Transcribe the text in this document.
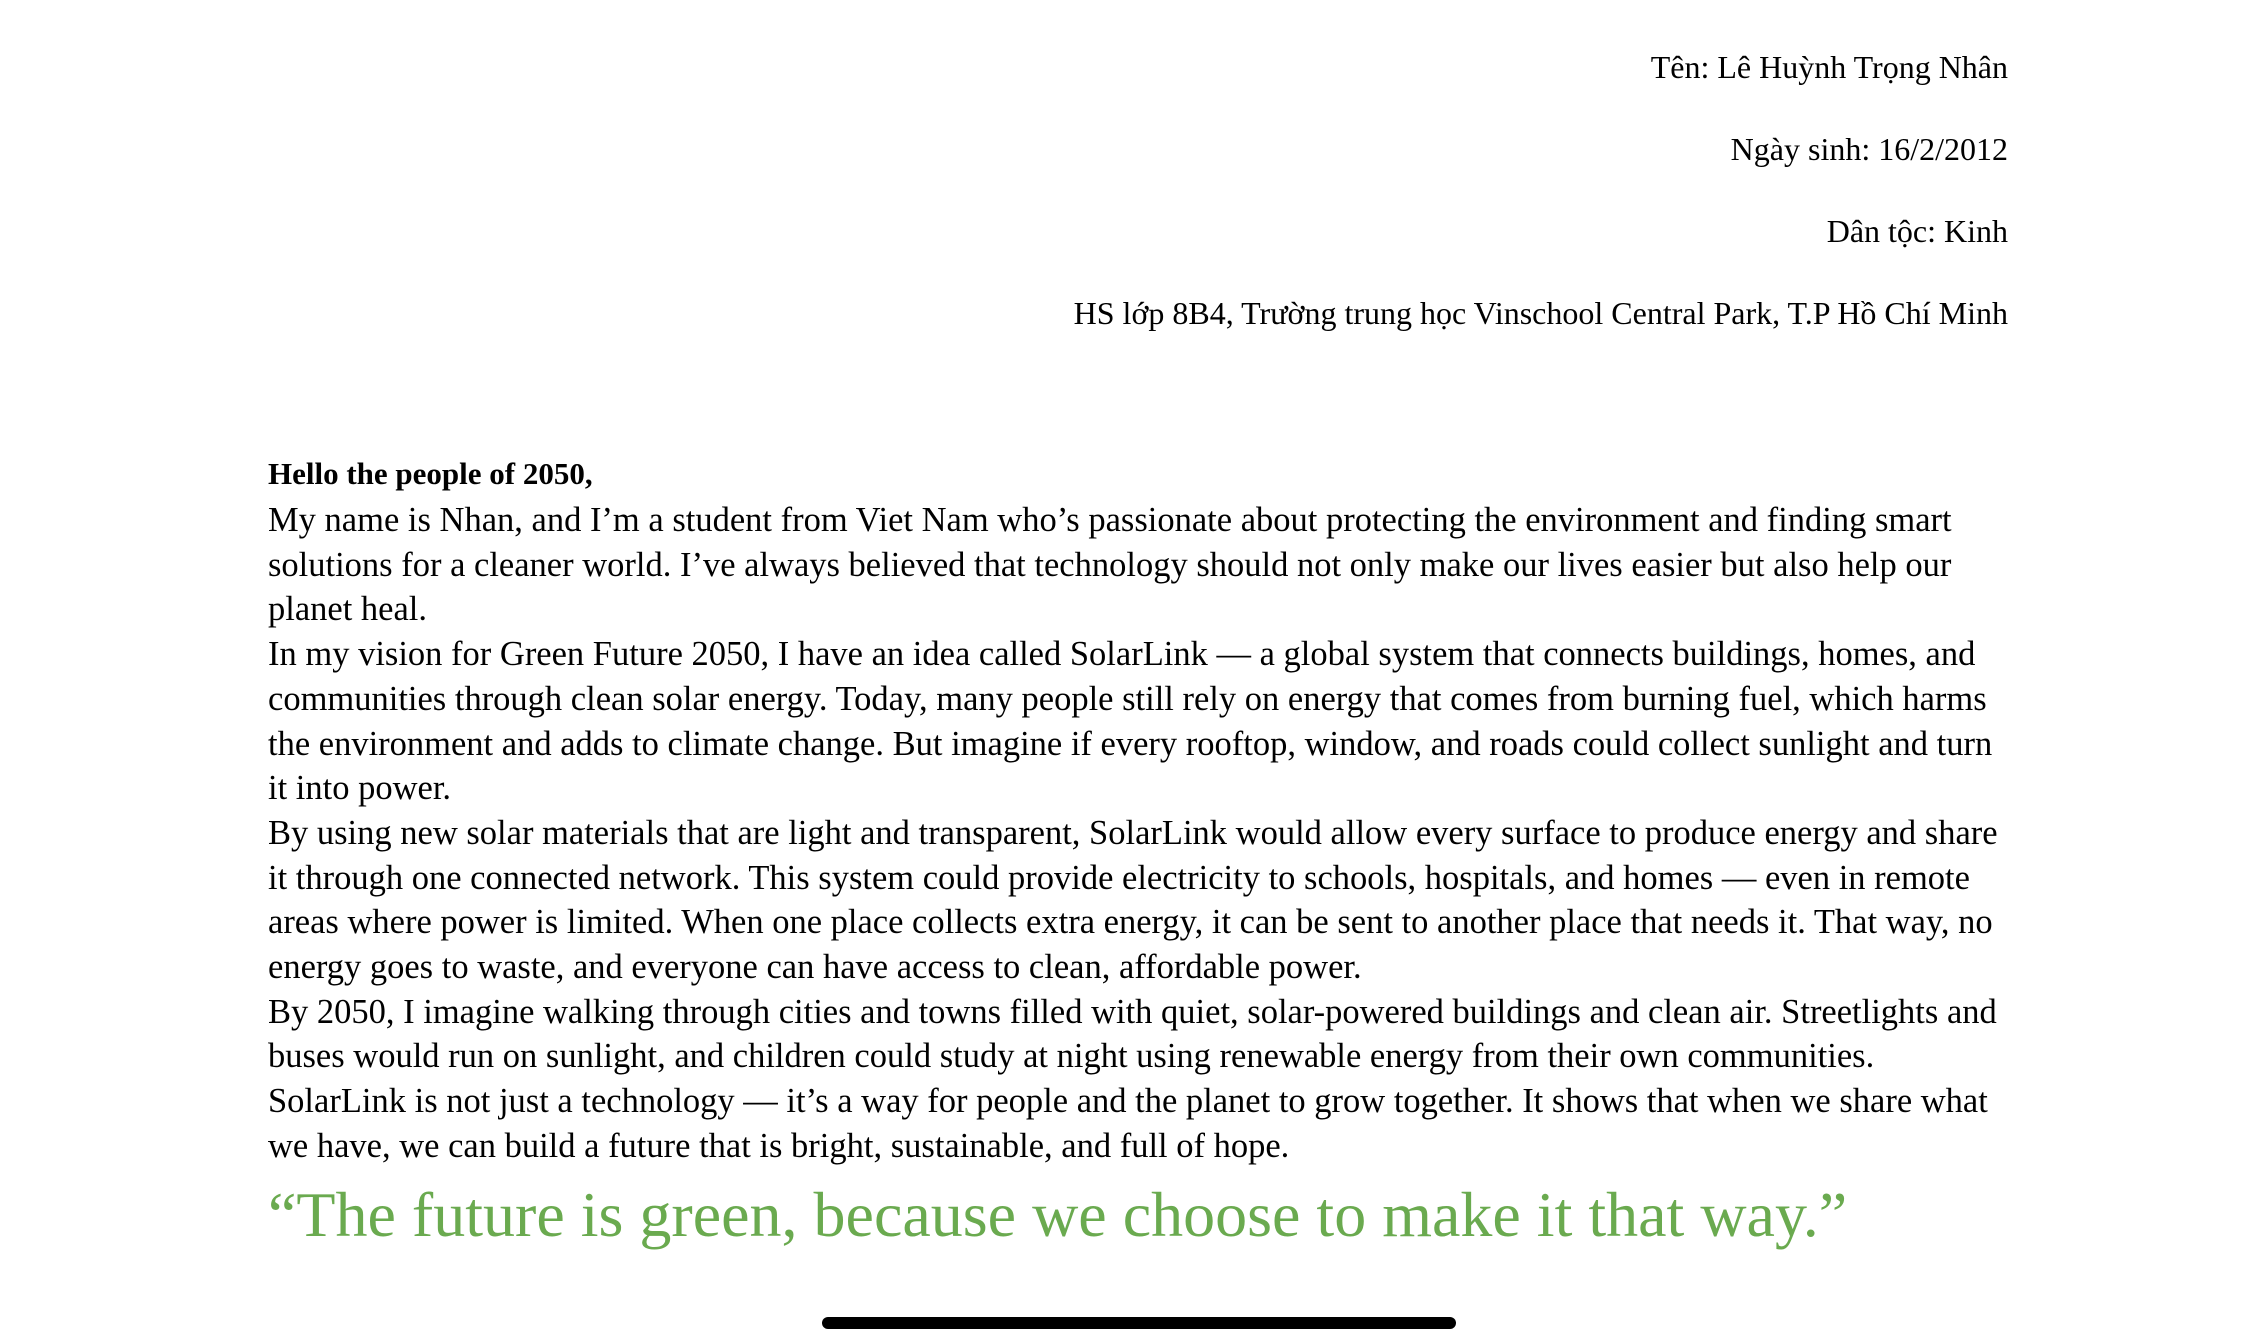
Tên: Lê Huỳnh Trọng Nhân

Ngày sinh: 16/2/2012

Dân tộc: Kinh

HS lớp 8B4, Trường trung học Vinschool Central Park, T.P Hồ Chí Minh

Hello the people of 2050,

My name is Nhan, and I’m a student from Viet Nam who’s passionate about protecting the environment and finding smart solutions for a cleaner world. I’ve always believed that technology should not only make our lives easier but also help our planet heal.

In my vision for Green Future 2050, I have an idea called SolarLink — a global system that connects buildings, homes, and communities through clean solar energy. Today, many people still rely on energy that comes from burning fuel, which harms the environment and adds to climate change. But imagine if every rooftop, window, and roads could collect sunlight and turn it into power.

By using new solar materials that are light and transparent, SolarLink would allow every surface to produce energy and share it through one connected network. This system could provide electricity to schools, hospitals, and homes — even in remote areas where power is limited. When one place collects extra energy, it can be sent to another place that needs it. That way, no energy goes to waste, and everyone can have access to clean, affordable power.

By 2050, I imagine walking through cities and towns filled with quiet, solar-powered buildings and clean air. Streetlights and buses would run on sunlight, and children could study at night using renewable energy from their own communities. SolarLink is not just a technology — it’s a way for people and the planet to grow together. It shows that when we share what we have, we can build a future that is bright, sustainable, and full of hope.

“The future is green, because we choose to make it that way.”
